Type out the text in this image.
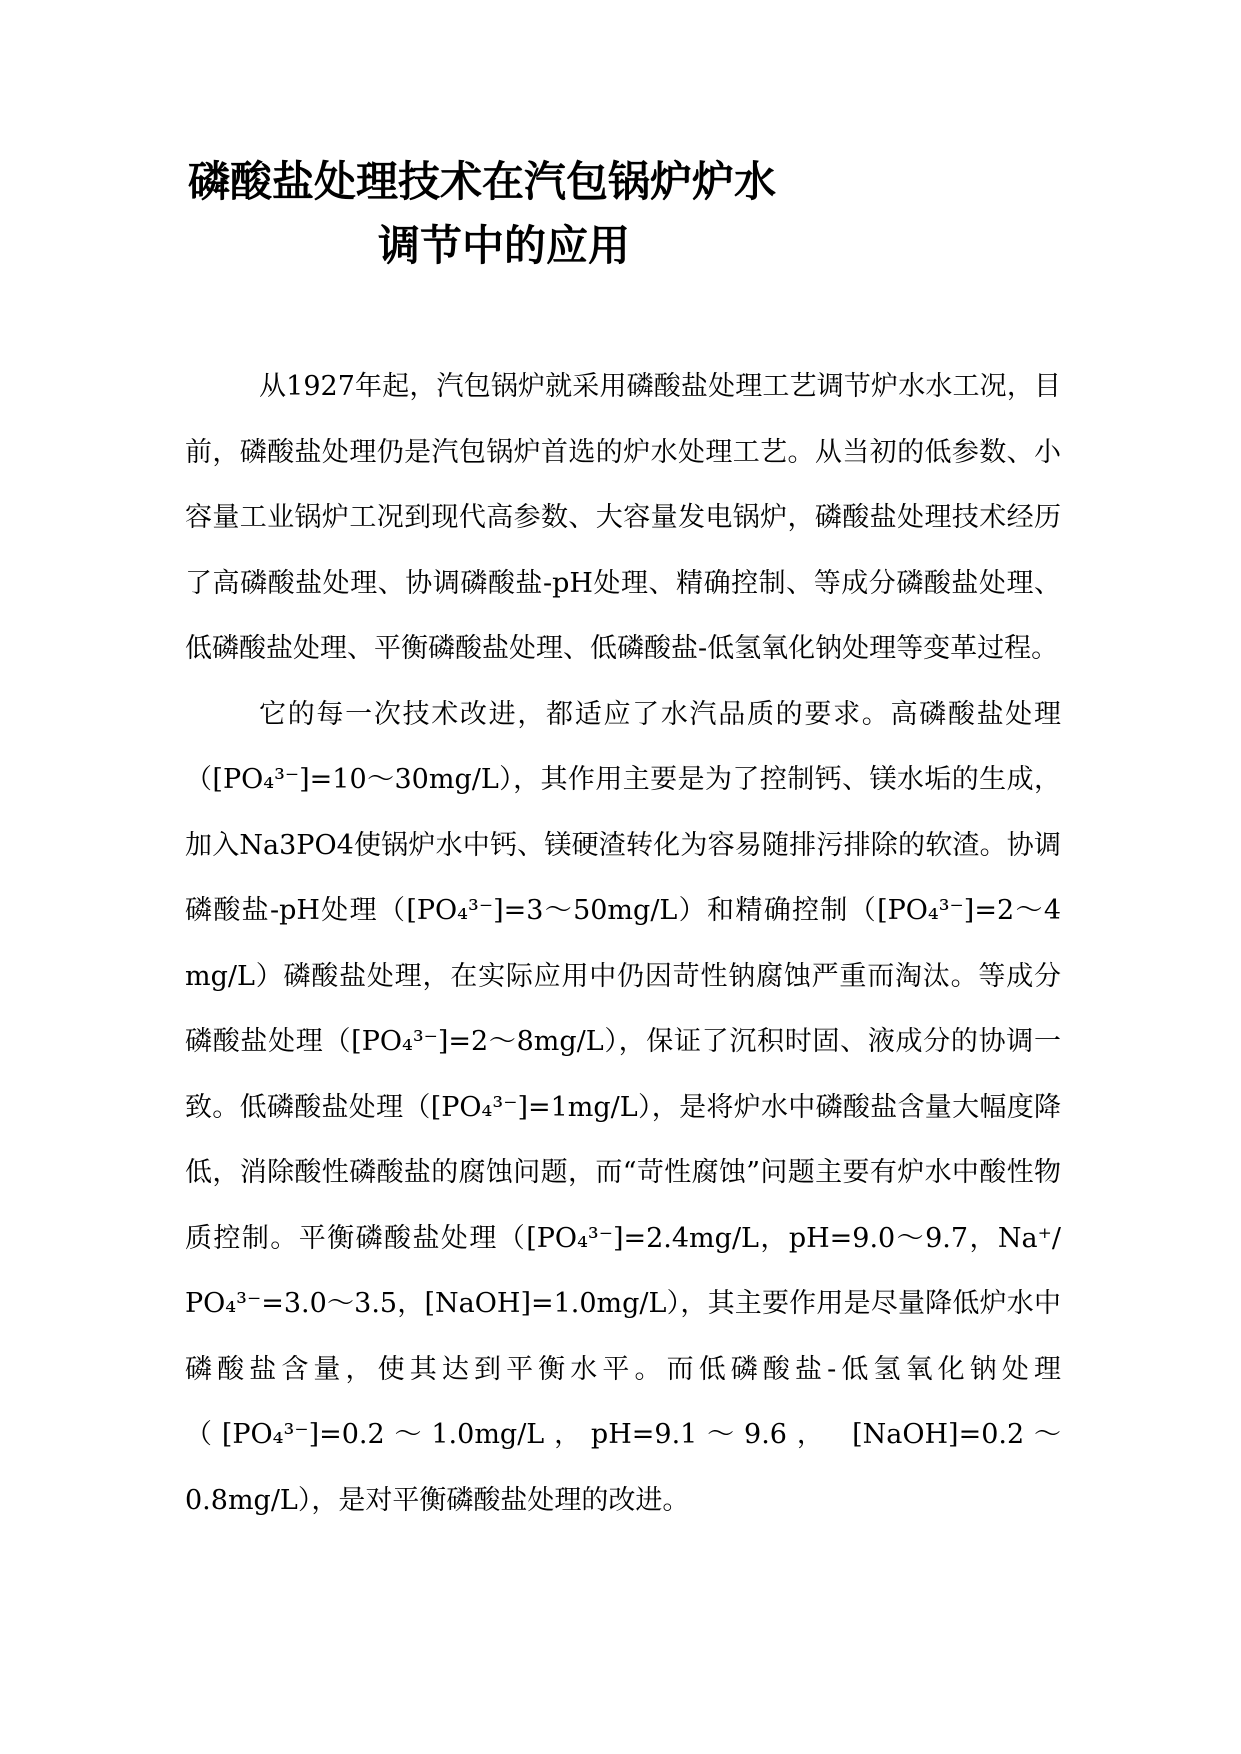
磷酸盐处理技术在汽包锅炉炉水
调节中的应用

从1927年起，汽包锅炉就采用磷酸盐处理工艺调节炉水水工况，目前，磷酸盐处理仍是汽包锅炉首选的炉水处理工艺。从当初的低参数、小容量工业锅炉工况到现代高参数、大容量发电锅炉，磷酸盐处理技术经历了高磷酸盐处理、协调磷酸盐-pH处理、精确控制、等成分磷酸盐处理、低磷酸盐处理、平衡磷酸盐处理、低磷酸盐-低氢氧化钠处理等变革过程。

它的每一次技术改进，都适应了水汽品质的要求。高磷酸盐处理（[PO₄³⁻]=10～30mg/L），其作用主要是为了控制钙、镁水垢的生成，加入Na3PO4使锅炉水中钙、镁硬渣转化为容易随排污排除的软渣。协调磷酸盐-pH处理（[PO₄³⁻]=3～50mg/L）和精确控制（[PO₄³⁻]=2～4 mg/L）磷酸盐处理，在实际应用中仍因苛性钠腐蚀严重而淘汰。等成分磷酸盐处理（[PO₄³⁻]=2～8mg/L），保证了沉积时固、液成分的协调一致。低磷酸盐处理（[PO₄³⁻]=1mg/L），是将炉水中磷酸盐含量大幅度降低，消除酸性磷酸盐的腐蚀问题，而“苛性腐蚀”问题主要有炉水中酸性物质控制。平衡磷酸盐处理（[PO₄³⁻]=2.4mg/L，pH=9.0～9.7，Na⁺/ PO₄³⁻=3.0～3.5，[NaOH]=1.0mg/L），其主要作用是尽量降低炉水中磷酸盐含量，使其达到平衡水平。而低磷酸盐-低氢氧化钠处理（[PO₄³⁻]=0.2～1.0mg/L，pH=9.1～9.6， [NaOH]=0.2～0.8mg/L），是对平衡磷酸盐处理的改进。
